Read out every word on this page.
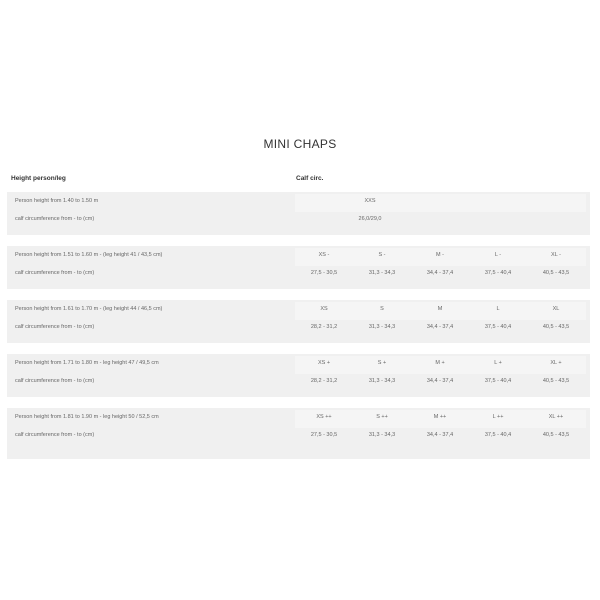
MINI CHAPS
Height person/leg	Calf circ.
Person height from 1.40 to 1.50 m	XXS
calf circumference from - to (cm)	26,0/29,0
Person height from 1.51 to 1.60 m - (leg height 41 / 43,5 cm)	XS -	S -	M -	L -	XL -
calf circumference from - to (cm)	27,5 - 30,5	31,3 - 34,3	34,4 - 37,4	37,5 - 40,4	40,5 - 43,5
Person height from 1.61 to 1.70 m - (leg height 44 / 46,5 cm)	XS	S	M	L	XL
calf circumference from - to (cm)	28,2 - 31,2	31,3 - 34,3	34,4 - 37,4	37,5 - 40,4	40,5 - 43,5
Person height from 1.71 to 1.80 m - leg height 47 / 49,5 cm	XS +	S +	M +	L +	XL +
calf circumference from - to (cm)	28,2 - 31,2	31,3 - 34,3	34,4 - 37,4	37,5 - 40,4	40,5 - 43,5
Person height from 1.81 to 1.90 m - leg height 50 / 52,5 cm	XS ++	S ++	M ++	L ++	XL ++
calf circumference from - to (cm)	27,5 - 30,5	31,3 - 34,3	34,4 - 37,4	37,5 - 40,4	40,5 - 43,5
